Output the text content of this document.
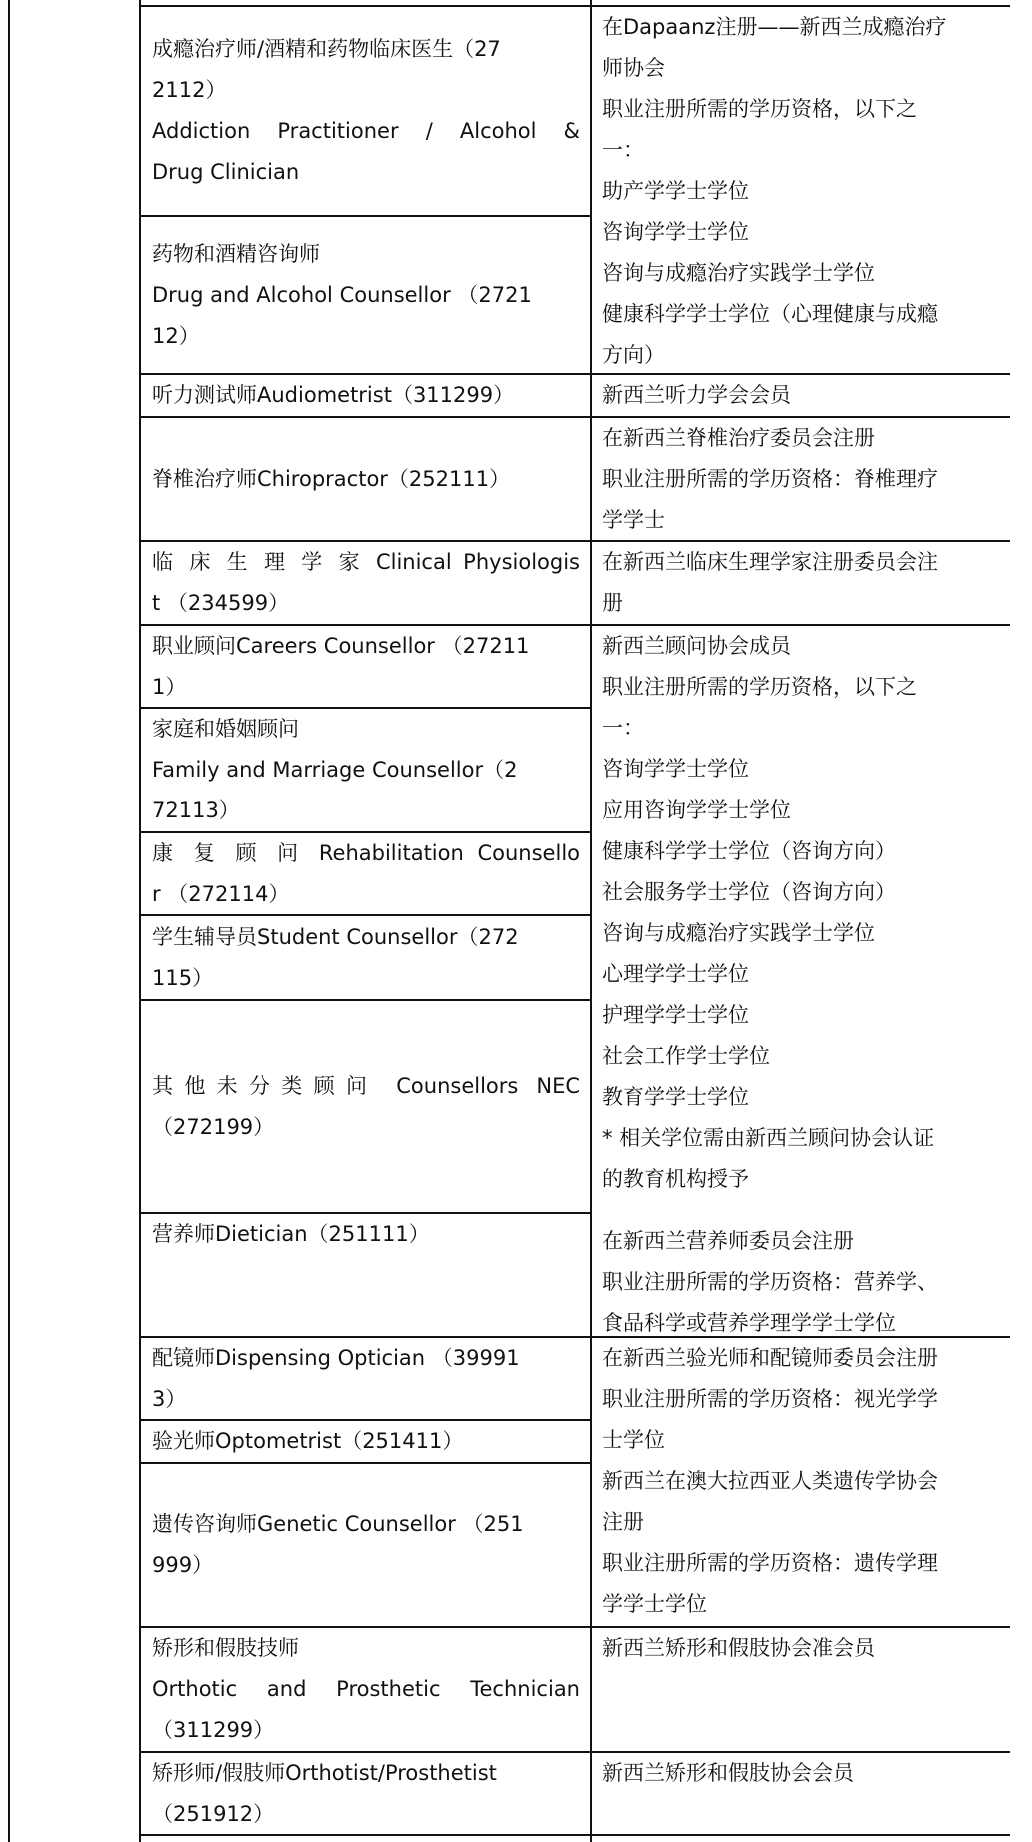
成瘾治疗师/酒精和药物临床医生（27
2112）
Addiction Practitioner / Alcohol &
Drug Clinician
药物和酒精咨询师
Drug and Alcohol Counsellor （2721
12）
听力测试师Audiometrist（311299）
脊椎治疗师Chiropractor（252111）
临 床 生 理 学 家 Clinical Physiologis
t （234599）
职业顾问Careers Counsellor （27211
1）
家庭和婚姻顾问
Family and Marriage Counsellor（2
72113）
康 复 顾 问 Rehabilitation Counsello
r （272114）
学生辅导员Student Counsellor（272
115）
其他未分类顾问 Counsellors NEC
（272199）
营养师Dietician（251111）
配镜师Dispensing Optician （39991
3）
验光师Optometrist（251411）
遗传咨询师Genetic Counsellor （251
999）
矫形和假肢技师
Orthotic and Prosthetic Technician
（311299）
矫形师/假肢师Orthotist/Prosthetist
（251912）
在Dapaanz注册——新西兰成瘾治疗
师协会
职业注册所需的学历资格，以下之
一：
助产学学士学位
咨询学学士学位
咨询与成瘾治疗实践学士学位
健康科学学士学位（心理健康与成瘾
方向）
新西兰听力学会会员
在新西兰脊椎治疗委员会注册
职业注册所需的学历资格：脊椎理疗
学学士
在新西兰临床生理学家注册委员会注
册
新西兰顾问协会成员
职业注册所需的学历资格，以下之
一：
咨询学学士学位
应用咨询学学士学位
健康科学学士学位（咨询方向）
社会服务学士学位（咨询方向）
咨询与成瘾治疗实践学士学位
心理学学士学位
护理学学士学位
社会工作学士学位
教育学学士学位
* 相关学位需由新西兰顾问协会认证
的教育机构授予
在新西兰营养师委员会注册
职业注册所需的学历资格：营养学、
食品科学或营养学理学学士学位
在新西兰验光师和配镜师委员会注册
职业注册所需的学历资格：视光学学
士学位
新西兰在澳大拉西亚人类遗传学协会
注册
职业注册所需的学历资格：遗传学理
学学士学位
新西兰矫形和假肢协会准会员
新西兰矫形和假肢协会会员
